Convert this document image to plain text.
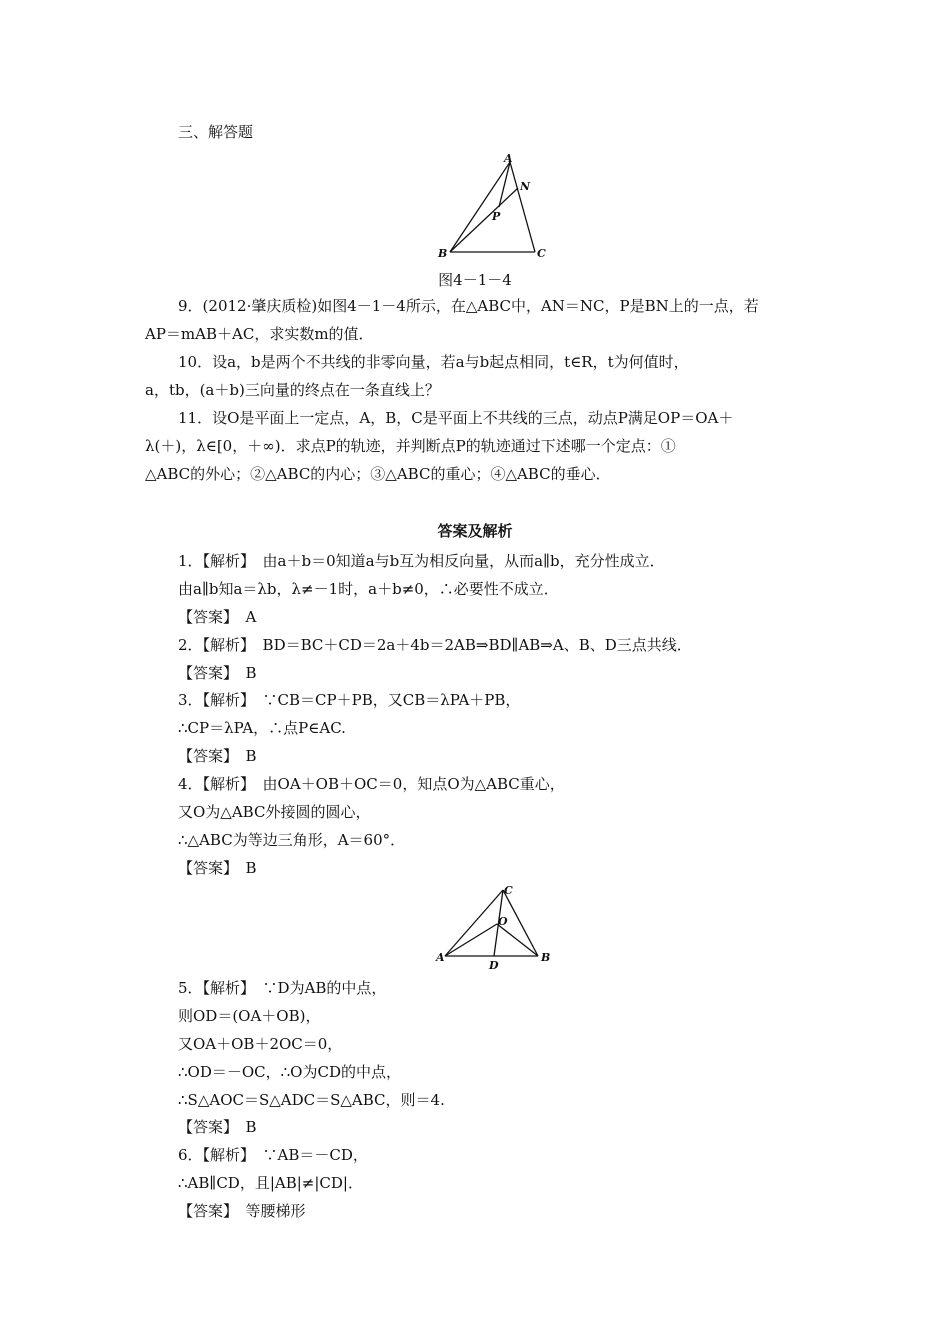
三、解答题
A
N
P
B	C
图4－1－4
9．(2012·肇庆质检)如图4－1－4所示，在△ABC中，AN＝NC，P是BN上的一点，若
AP＝mAB＋AC，求实数m的值．
10．设a，b是两个不共线的非零向量，若a与b起点相同，t∈R，t为何值时，
a，tb，(a＋b)三向量的终点在一条直线上？
11．设O是平面上一定点，A，B，C是平面上不共线的三点，动点P满足OP＝OA＋
λ(＋)，λ∈[0，＋∞)．求点P的轨迹，并判断点P的轨迹通过下述哪一个定点：①
△ABC的外心；②△ABC的内心；③△ABC的重心；④△ABC的垂心．
答案及解析
1．【解析】　由a＋b＝0知道a与b互为相反向量，从而a∥b，充分性成立．
由a∥b知a＝λb，λ≠－1时，a＋b≠0，∴必要性不成立．
【答案】　A
2．【解析】　BD＝BC＋CD＝2a＋4b＝2AB⇒BD∥AB⇒A、B、D三点共线．
【答案】　B
3．【解析】　∵CB＝CP＋PB，又CB＝λPA＋PB，
∴CP＝λPA，∴点P∈AC.
【答案】　B
4．【解析】　由OA＋OB＋OC＝0，知点O为△ABC重心，
又O为△ABC外接圆的圆心，
∴△ABC为等边三角形，A＝60°．
【答案】　B
C
O
A
D
B
5．【解析】　∵D为AB的中点，
则OD＝(OA＋OB)，
又OA＋OB＋2OC＝0，
∴OD＝－OC，∴O为CD的中点，
∴S△AOC＝S△ADC＝S△ABC，则＝4.
【答案】　B
6．【解析】　∵AB＝－CD，
∴AB∥CD，且|AB|≠|CD|．
【答案】　等腰梯形
